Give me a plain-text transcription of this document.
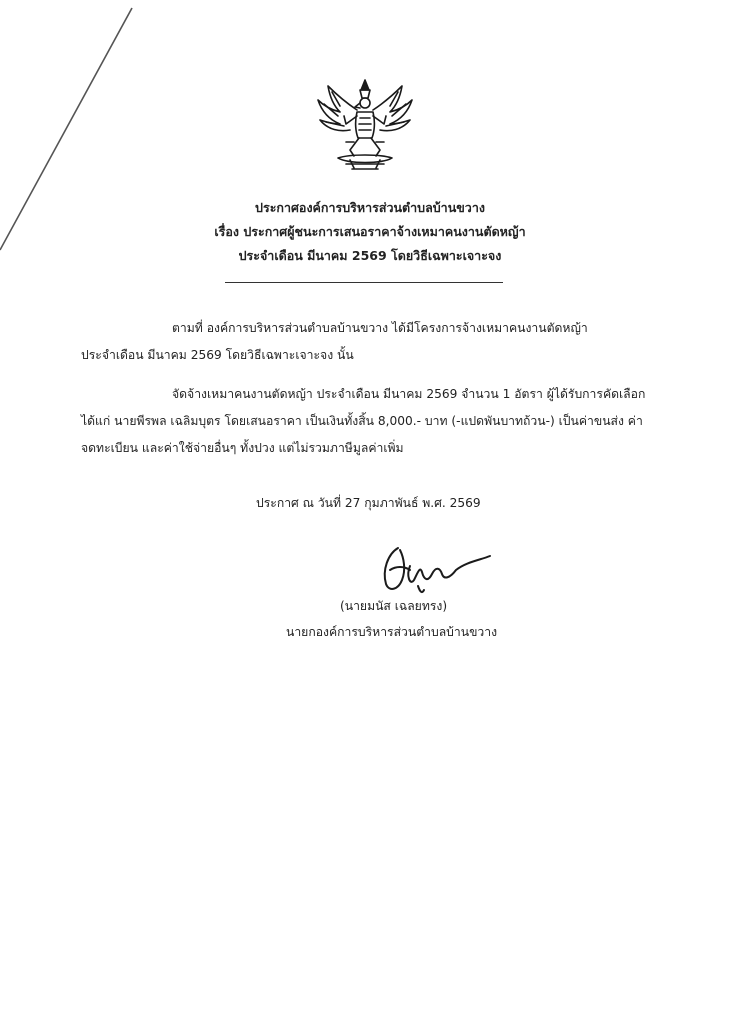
ประกาศองค์การบริหารส่วนตำบลบ้านขวาง
เรื่อง ประกาศผู้ชนะการเสนอราคาจ้างเหมาคนงานตัดหญ้า
ประจำเดือน มีนาคม 2569 โดยวิธีเฉพาะเจาะจง
ตามที่ องค์การบริหารส่วนตำบลบ้านขวาง ได้มีโครงการจ้างเหมาคนงานตัดหญ้า
ประจำเดือน มีนาคม 2569 โดยวิธีเฉพาะเจาะจง นั้น
จัดจ้างเหมาคนงานตัดหญ้า ประจำเดือน มีนาคม 2569 จำนวน 1 อัตรา ผู้ได้รับการคัดเลือก
ได้แก่ นายพีรพล เฉลิมบุตร โดยเสนอราคา เป็นเงินทั้งสิ้น 8,000.- บาท (-แปดพันบาทถ้วน-) เป็นค่าขนส่ง ค่า
จดทะเบียน และค่าใช้จ่ายอื่นๆ ทั้งปวง แต่ไม่รวมภาษีมูลค่าเพิ่ม
ประกาศ ณ วันที่ 27 กุมภาพันธ์ พ.ศ. 2569
(นายมนัส เฉลยทรง)
นายกองค์การบริหารส่วนตำบลบ้านขวาง
